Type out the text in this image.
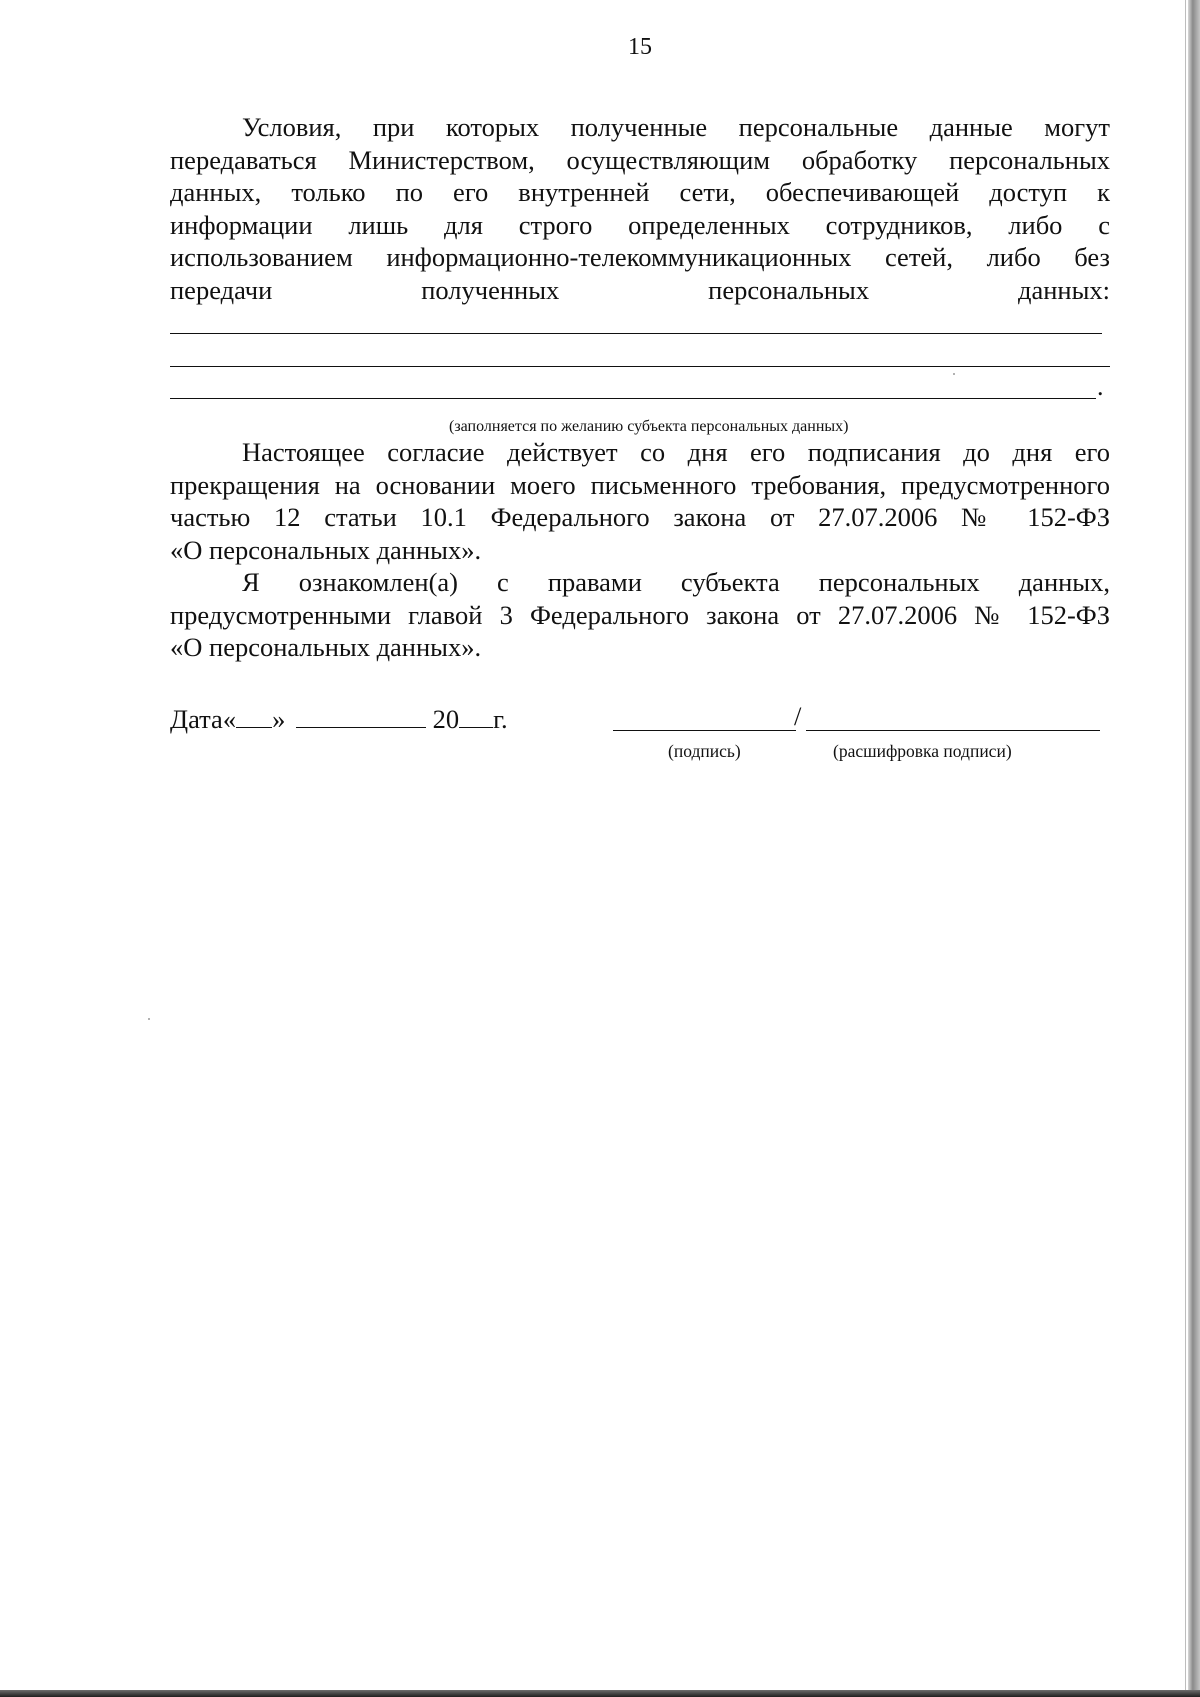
15
Условия, при которых полученные персональные данные могут
передаваться Министерством, осуществляющим обработку персональных
данных, только по его внутренней сети, обеспечивающей доступ к
информации лишь для строго определенных сотрудников, либо с
использованием информационно-телекоммуникационных сетей, либо без
передачи полученных персональных данных:
.
(заполняется по желанию субъекта персональных данных)
Настоящее согласие действует со дня его подписания до дня его
прекращения на основании моего письменного требования, предусмотренного
частью 12 статьи 10.1 Федерального закона от 27.07.2006 № 152-ФЗ
«О персональных данных».
Я ознакомлен(а) с правами субъекта персональных данных,
предусмотренными главой 3 Федерального закона от 27.07.2006 № 152-ФЗ
«О персональных данных».
Дата« »	20 г.	/
(подпись)	(расшифровка подписи)
